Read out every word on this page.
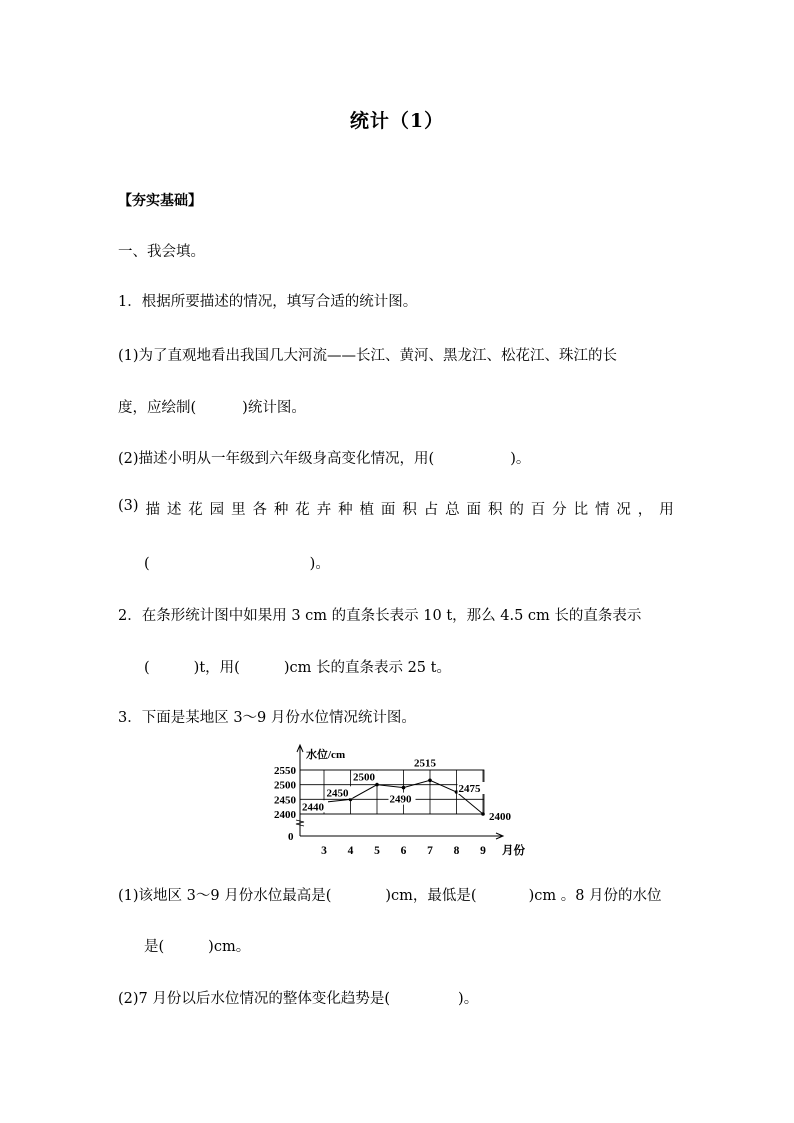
统计（1）
【夯实基础】
一、我会填。
1．根据所要描述的情况，填写合适的统计图。
(1)为了直观地看出我国几大河流——长江、黄河、黑龙江、松花江、珠江的长
度，应绘制(	)统计图。
(2)描述小明从一年级到六年级身高变化情况，用(	)。
(3) 描 述 花 园 里 各 种 花 卉 种 植 面 积 占 总 面 积 的 百 分 比 情 况 ， 用
(	)。
2．在条形统计图中如果用 3 cm 的直条长表示 10 t，那么 4.5 cm 长的直条表示
(	)t，用(	)cm 长的直条表示 25 t。
3．下面是某地区 3～9 月份水位情况统计图。
水位/cm
月份
0
2400
2450
2500
2550
3 4 5 6 7 8 9
2440
2450
2500
2490
2515
2475
2400
(1)该地区 3～9 月份水位最高是(	)cm，最低是(	)cm 。8 月份的水位
是(	)cm。
(2)7 月份以后水位情况的整体变化趋势是(	)。
